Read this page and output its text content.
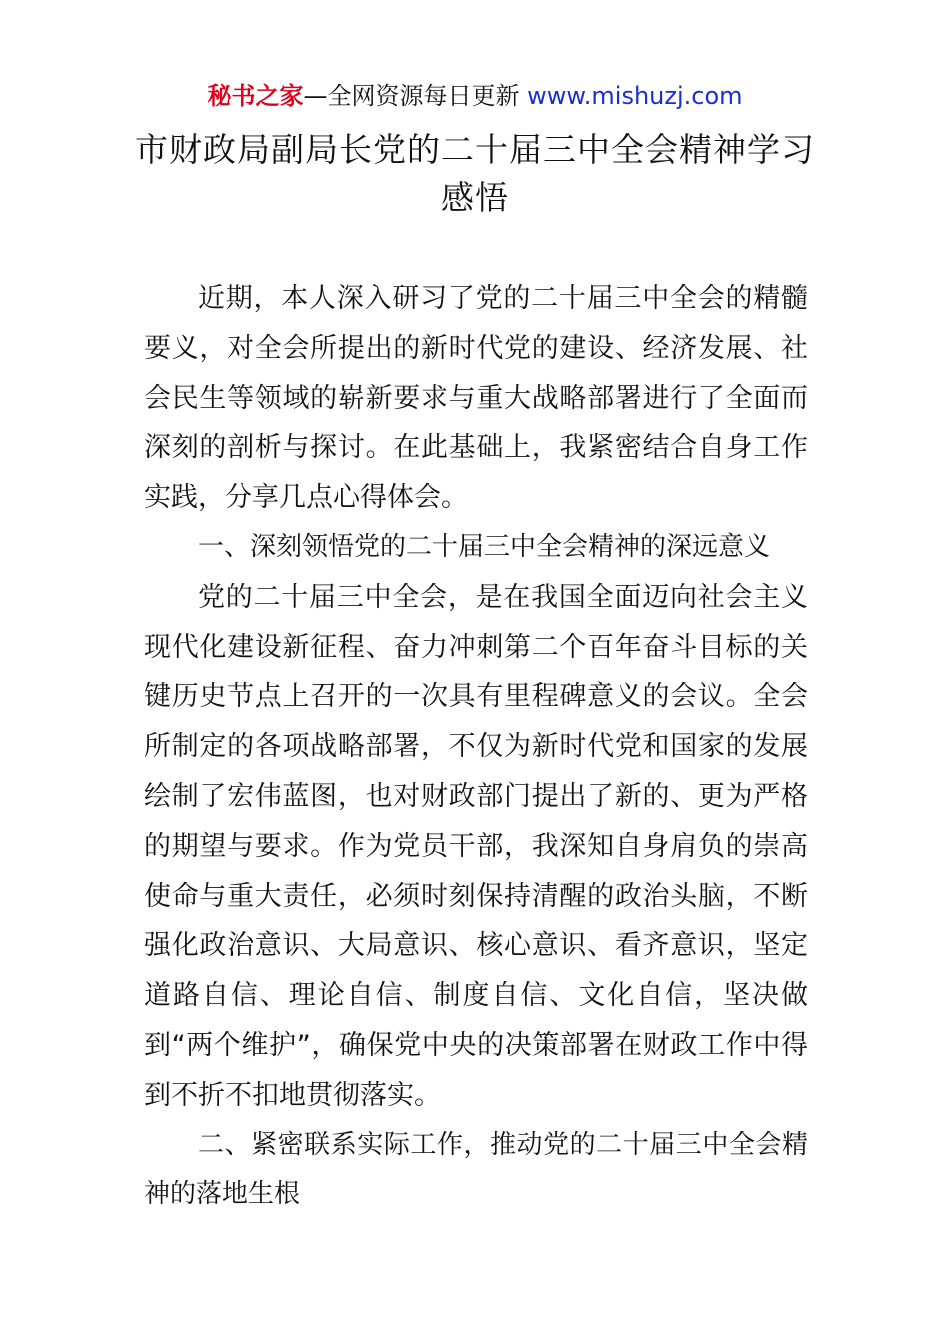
秘书之家—全网资源每日更新 www.mishuzj.com
市财政局副局长党的二十届三中全会精神学习感悟

近期，本人深入研习了党的二十届三中全会的精髓要义，对全会所提出的新时代党的建设、经济发展、社会民生等领域的崭新要求与重大战略部署进行了全面而深刻的剖析与探讨。在此基础上，我紧密结合自身工作实践，分享几点心得体会。

一、深刻领悟党的二十届三中全会精神的深远意义

党的二十届三中全会，是在我国全面迈向社会主义现代化建设新征程、奋力冲刺第二个百年奋斗目标的关键历史节点上召开的一次具有里程碑意义的会议。全会所制定的各项战略部署，不仅为新时代党和国家的发展绘制了宏伟蓝图，也对财政部门提出了新的、更为严格的期望与要求。作为党员干部，我深知自身肩负的崇高使命与重大责任，必须时刻保持清醒的政治头脑，不断强化政治意识、大局意识、核心意识、看齐意识，坚定道路自信、理论自信、制度自信、文化自信，坚决做到“两个维护”，确保党中央的决策部署在财政工作中得到不折不扣地贯彻落实。

二、紧密联系实际工作，推动党的二十届三中全会精神的落地生根
